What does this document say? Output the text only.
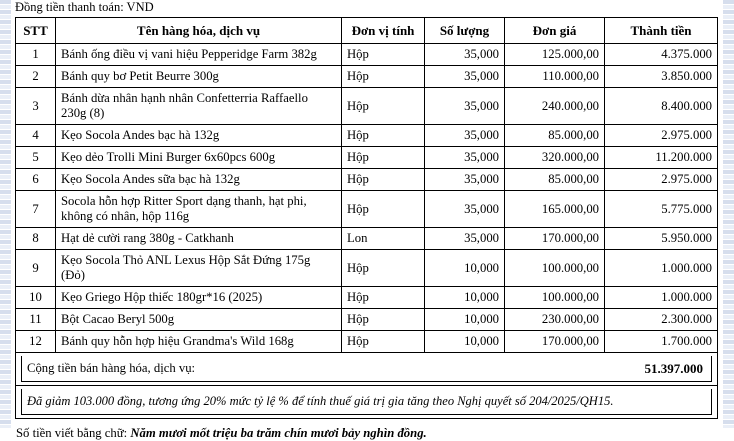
Đồng tiền thanh toán: VND
STT	Tên hàng hóa, dịch vụ	Đơn vị tính	Số lượng	Đơn giá	Thành tiền
1	Bánh ống điều vị vani hiệu Pepperidge Farm 382g	Hộp	35,000	125.000,00	4.375.000
2	Bánh quy bơ Petit Beurre 300g	Hộp	35,000	110.000,00	3.850.000
3	Bánh dừa nhân hạnh nhân Confetterria Raffaello 230g (8)	Hộp	35,000	240.000,00	8.400.000
4	Kẹo Socola Andes bạc hà 132g	Hộp	35,000	85.000,00	2.975.000
5	Kẹo dẻo Trolli Mini Burger 6x60pcs 600g	Hộp	35,000	320.000,00	11.200.000
6	Kẹo Socola Andes sữa bạc hà 132g	Hộp	35,000	85.000,00	2.975.000
7	Socola hỗn hợp Ritter Sport dạng thanh, hạt phi, không có nhân, hộp 116g	Hộp	35,000	165.000,00	5.775.000
8	Hạt dẻ cười rang 380g - Catkhanh	Lon	35,000	170.000,00	5.950.000
9	Kẹo Socola Thỏ ANL Lexus Hộp Sắt Đứng 175g (Đỏ)	Hộp	10,000	100.000,00	1.000.000
10	Kẹo Griego Hộp thiếc 180gr*16 (2025)	Hộp	10,000	100.000,00	1.000.000
11	Bột Cacao Beryl 500g	Hộp	10,000	230.000,00	2.300.000
12	Bánh quy hỗn hợp hiệu Grandma's Wild 168g	Hộp	10,000	170.000,00	1.700.000

Cộng tiền bán hàng hóa, dịch vụ: 51.397.000					

Đã giảm 103.000 đồng, tương ứng 20% mức tỷ lệ % để tính thuế giá trị gia tăng theo Nghị quyết số 204/2025/QH15.					
Số tiền viết bằng chữ: Năm mươi mốt triệu ba trăm chín mươi bảy nghìn đồng.
